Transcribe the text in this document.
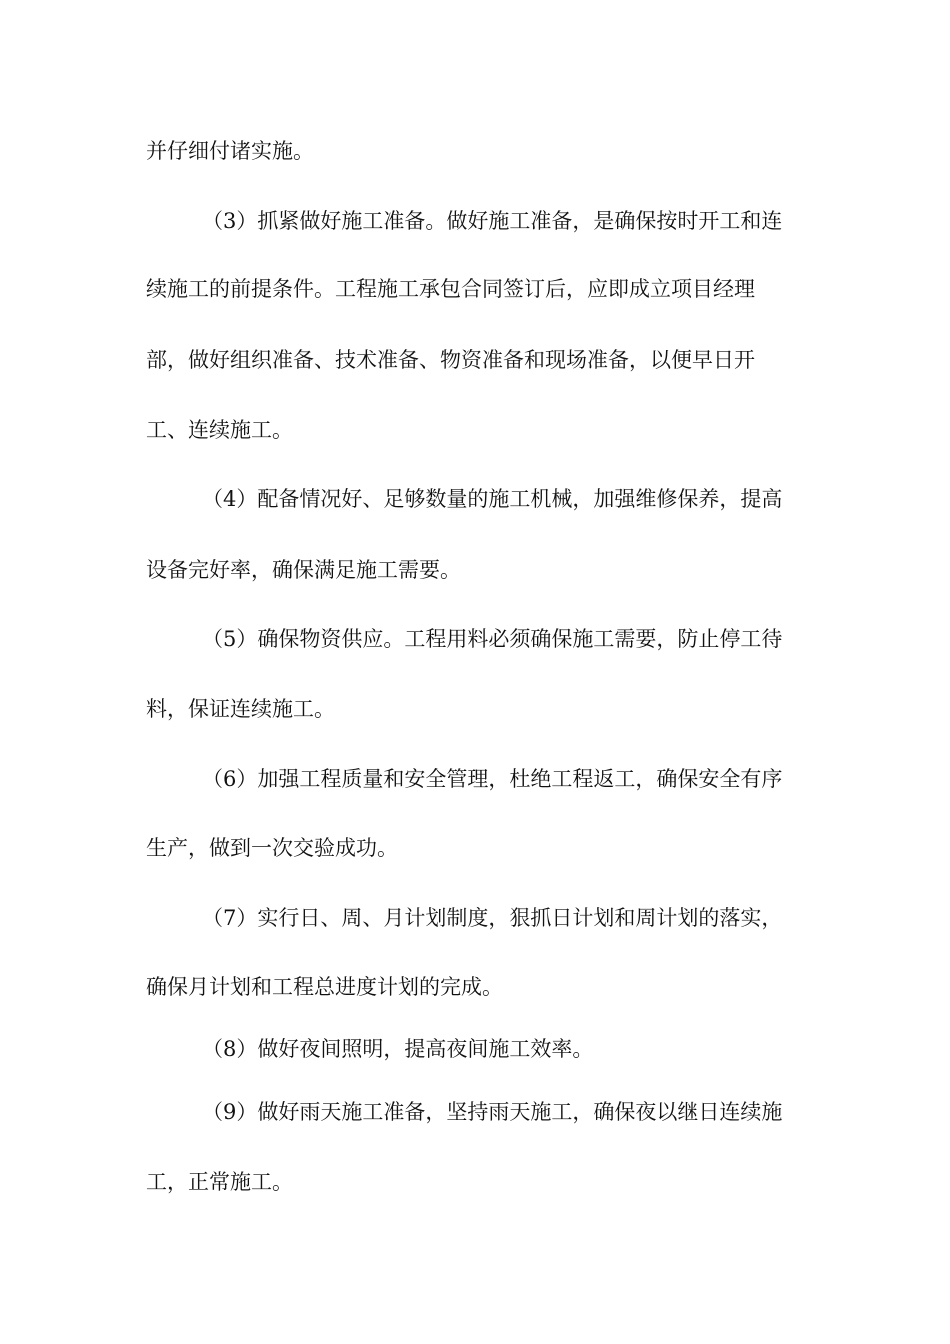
并仔细付诸实施。
（3）抓紧做好施工准备。做好施工准备，是确保按时开工和连
续施工的前提条件。工程施工承包合同签订后，应即成立项目经理
部，做好组织准备、技术准备、物资准备和现场准备，以便早日开
工、连续施工。
（4）配备情况好、足够数量的施工机械，加强维修保养，提高
设备完好率，确保满足施工需要。
（5）确保物资供应。工程用料必须确保施工需要，防止停工待
料，保证连续施工。
（6）加强工程质量和安全管理，杜绝工程返工，确保安全有序
生产，做到一次交验成功。
（7）实行日、周、月计划制度，狠抓日计划和周计划的落实，
确保月计划和工程总进度计划的完成。
（8）做好夜间照明，提高夜间施工效率。
（9）做好雨天施工准备，坚持雨天施工，确保夜以继日连续施
工，正常施工。
